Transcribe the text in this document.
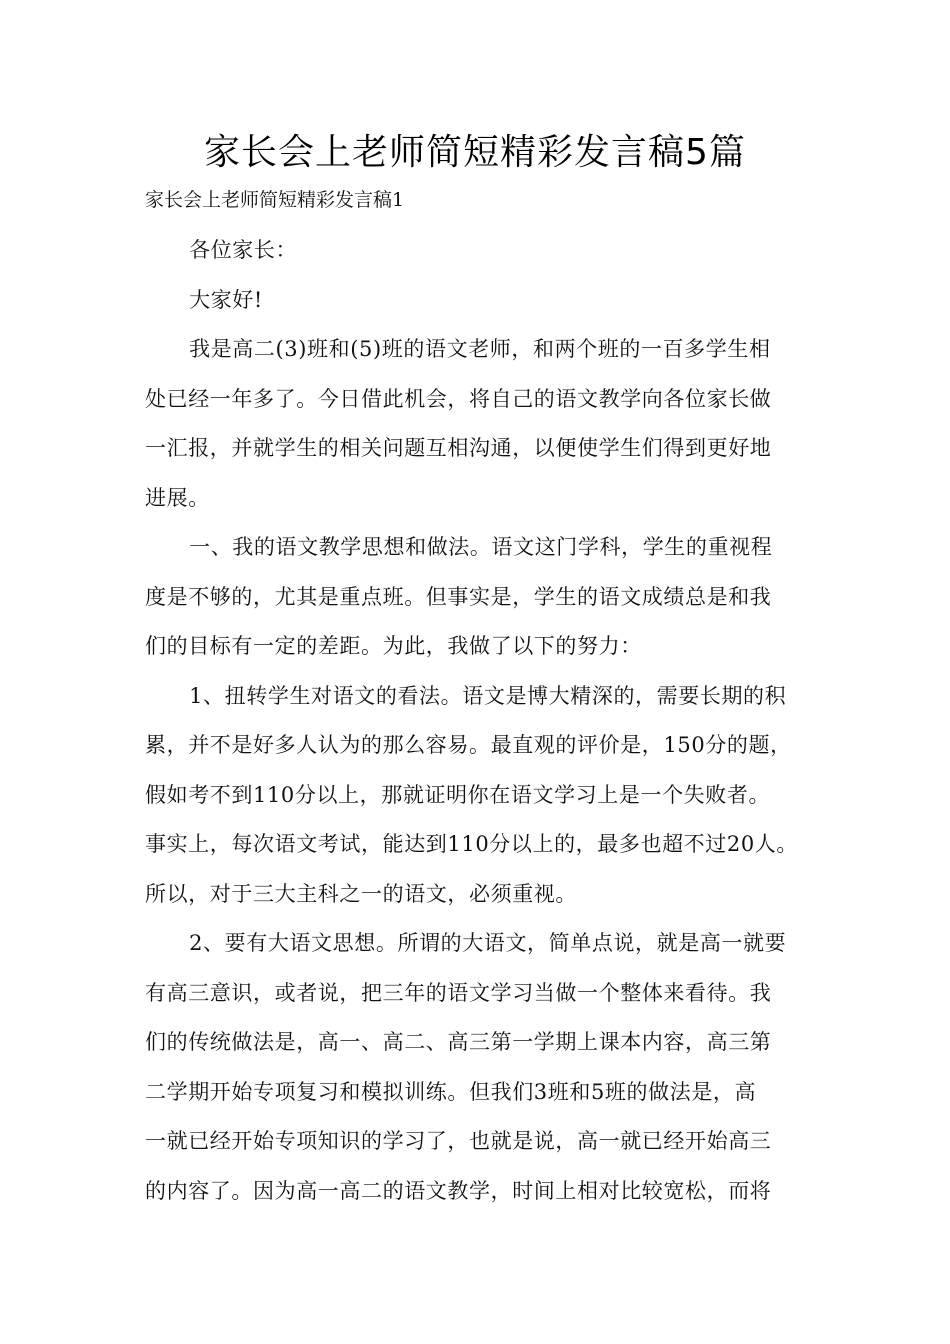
家长会上老师简短精彩发言稿5篇

家长会上老师简短精彩发言稿1

各位家长：

大家好!

我是高二(3)班和(5)班的语文老师，和两个班的一百多学生相
处已经一年多了。今日借此机会，将自己的语文教学向各位家长做
一汇报，并就学生的相关问题互相沟通，以便使学生们得到更好地
进展。

一、我的语文教学思想和做法。语文这门学科，学生的重视程
度是不够的，尤其是重点班。但事实是，学生的语文成绩总是和我
们的目标有一定的差距。为此，我做了以下的努力：

1、扭转学生对语文的看法。语文是博大精深的，需要长期的积
累，并不是好多人认为的那么容易。最直观的评价是，150分的题，
假如考不到110分以上，那就证明你在语文学习上是一个失败者。
事实上，每次语文考试，能达到110分以上的，最多也超不过20人。
所以，对于三大主科之一的语文，必须重视。

2、要有大语文思想。所谓的大语文，简单点说，就是高一就要
有高三意识，或者说，把三年的语文学习当做一个整体来看待。我
们的传统做法是，高一、高二、高三第一学期上课本内容，高三第
二学期开始专项复习和模拟训练。但我们3班和5班的做法是，高
一就已经开始专项知识的学习了，也就是说，高一就已经开始高三
的内容了。因为高一高二的语文教学，时间上相对比较宽松，而将
